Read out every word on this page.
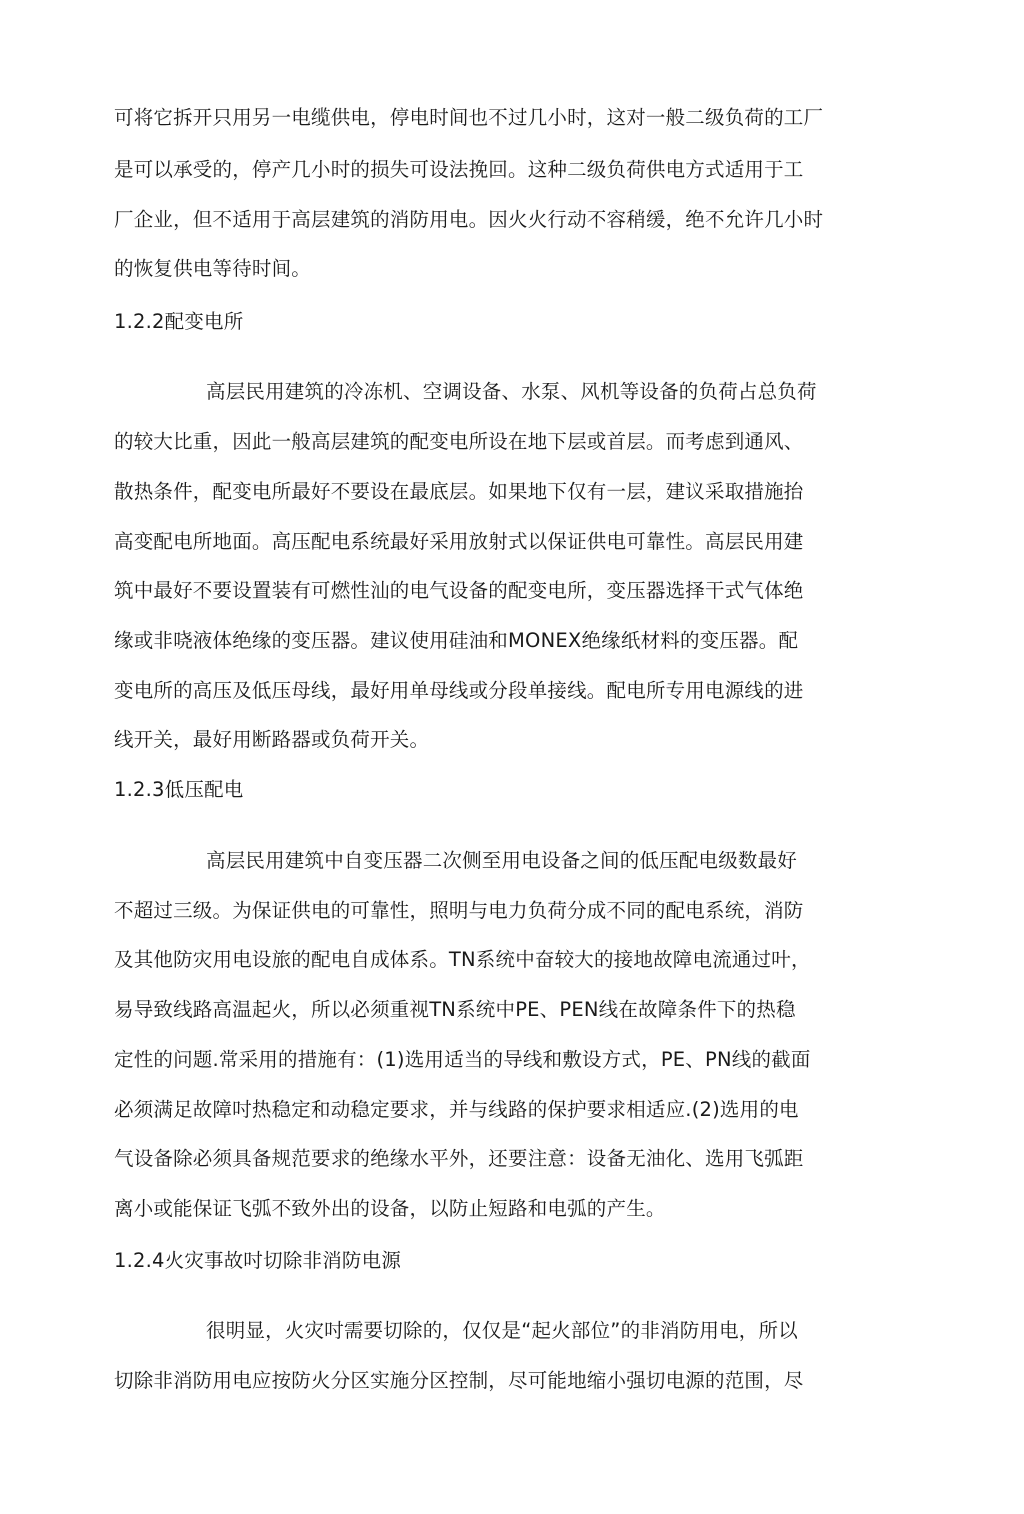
可将它拆开只用另一电缆供电，停电时间也不过几小时，这对一般二级负荷的工厂
是可以承受的，停产几小时的损失可设法挽回。这种二级负荷供电方式适用于工
厂企业，但不适用于高层建筑的消防用电。因火火行动不容稍缓，绝不允许几小时
的恢复供电等待时间。
1.2.2配变电所
高层民用建筑的冷冻机、空调设备、水泵、风机等设备的负荷占总负荷
的较大比重，因此一般高层建筑的配变电所设在地下层或首层。而考虑到通风、
散热条件，配变电所最好不要设在最底层。如果地下仅有一层，建议采取措施抬
高变配电所地面。高压配电系统最好采用放射式以保证供电可靠性。高层民用建
筑中最好不要设置装有可燃性汕的电气设备的配变电所，变压器选择干式气体绝
缘或非哓液体绝缘的变压器。建议使用硅油和MONEX绝缘纸材料的变压器。配
变电所的高压及低压母线，最好用单母线或分段单接线。配电所专用电源线的进
线开关，最好用断路器或负荷开关。
1.2.3低压配电
高层民用建筑中自变压器二次侧至用电设备之间的低压配电级数最好
不超过三级。为保证供电的可靠性，照明与电力负荷分成不同的配电系统，消防
及其他防灾用电设旅的配电自成体系。TN系统中奋较大的接地故障电流通过叶，
易导致线路高温起火，所以必须重视TN系统中PE、PEN线在故障条件下的热稳
定性的问题.常采用的措施有：(1)选用适当的导线和敷设方式，PE、PN线的截面
必须满足故障吋热稳定和动稳定要求，并与线路的保护要求相适应.(2)选用的电
气设备除必须具备规范要求的绝缘水平外，还要注意：设备无油化、选用飞弧距
离小或能保证飞弧不致外出的设备，以防止短路和电弧的产生。
1.2.4火灾事故吋切除非消防电源
很明显，火灾吋需要切除的，仅仅是“起火部位”的非消防用电，所以
切除非消防用电应按防火分区实施分区控制，尽可能地缩小强切电源的范围，尽
